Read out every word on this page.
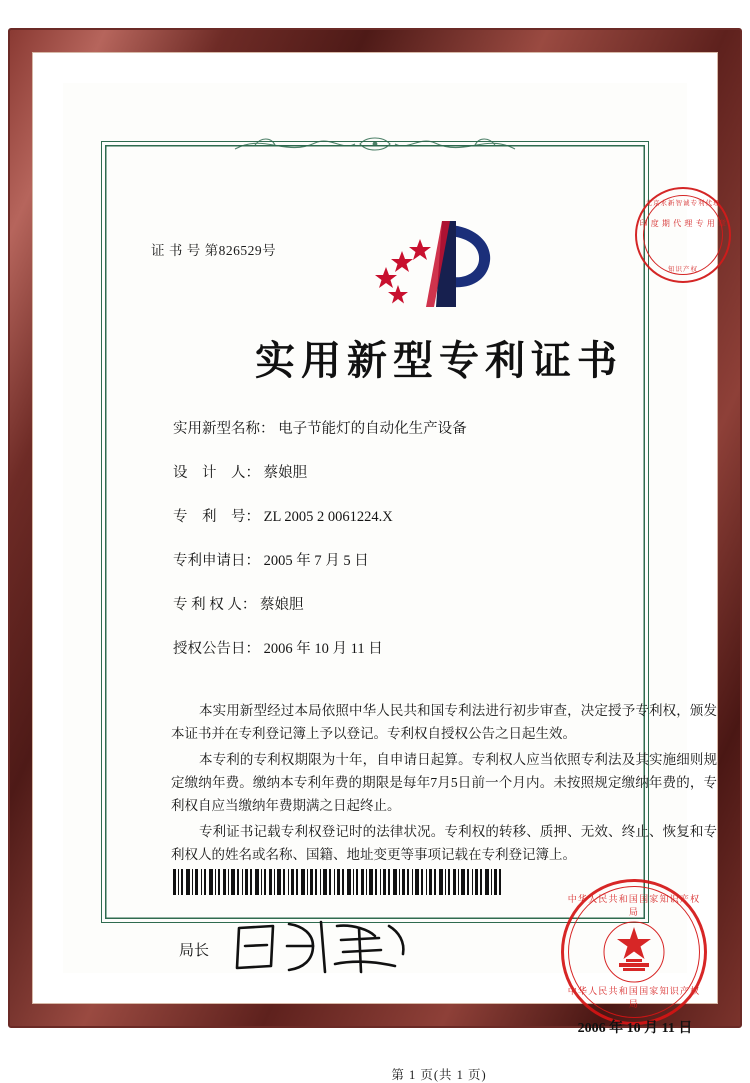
证 书 号 第826529号
北京永新智诚专利代理
印 度 期 代 理 专 用 章
知识产权
实用新型专利证书
实用新型名称： 电子节能灯的自动化生产设备
设　计　人： 蔡娘胆
专　利　号： ZL 2005 2 0061224.X
专利申请日： 2005 年 7 月 5 日
专 利 权 人： 蔡娘胆
授权公告日： 2006 年 10 月 11 日

本实用新型经过本局依照中华人民共和国专利法进行初步审查，决定授予专利权，颁发本证书并在专利登记簿上予以登记。专利权自授权公告之日起生效。

本专利的专利权期限为十年，自申请日起算。专利权人应当依照专利法及其实施细则规定缴纳年费。缴纳本专利年费的期限是每年7月5日前一个月内。未按照规定缴纳年费的，专利权自应当缴纳年费期满之日起终止。

专利证书记载专利权登记时的法律状况。专利权的转移、质押、无效、终止、恢复和专利权人的姓名或名称、国籍、地址变更等事项记载在专利登记簿上。

局长
中华人民共和国国家知识产权局
中华人民共和国国家知识产权局
2006 年 10 月 11 日
第 1 页(共 1 页)
